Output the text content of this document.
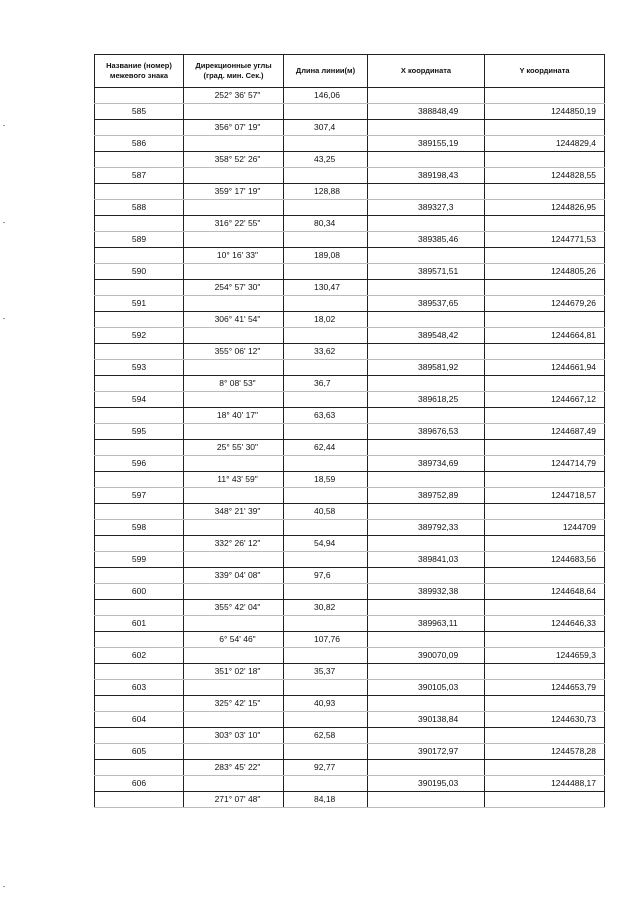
Название (номер) межевого знака	Дирекционные углы (град. мин. Сек.)	Длина линии(м)	X координата	Y координата
	252° 36' 57"	146,06		
585			388848,49	1244850,19
	356° 07' 19"	307,4		
586			389155,19	1244829,4
	358° 52' 26"	43,25		
587			389198,43	1244828,55
	359° 17' 19"	128,88		
588			389327,3	1244826,95
	316° 22' 55"	80,34		
589			389385,46	1244771,53
	10° 16' 33"	189,08		
590			389571,51	1244805,26
	254° 57' 30"	130,47		
591			389537,65	1244679,26
	306° 41' 54"	18,02		
592			389548,42	1244664,81
	355° 06' 12"	33,62		
593			389581,92	1244661,94
	8° 08' 53"	36,7		
594			389618,25	1244667,12
	18° 40' 17"	63,63		
595			389676,53	1244687,49
	25° 55' 30"	62,44		
596			389734,69	1244714,79
	11° 43' 59"	18,59		
597			389752,89	1244718,57
	348° 21' 39"	40,58		
598			389792,33	1244709
	332° 26' 12"	54,94		
599			389841,03	1244683,56
	339° 04' 08"	97,6		
600			389932,38	1244648,64
	355° 42' 04"	30,82		
601			389963,11	1244646,33
	6° 54' 46"	107,76		
602			390070,09	1244659,3
	351° 02' 18"	35,37		
603			390105,03	1244653,79
	325° 42' 15"	40,93		
604			390138,84	1244630,73
	303° 03' 10"	62,58		
605			390172,97	1244578,28
	283° 45' 22"	92,77		
606			390195,03	1244488,17
	271° 07' 48"	84,18		
